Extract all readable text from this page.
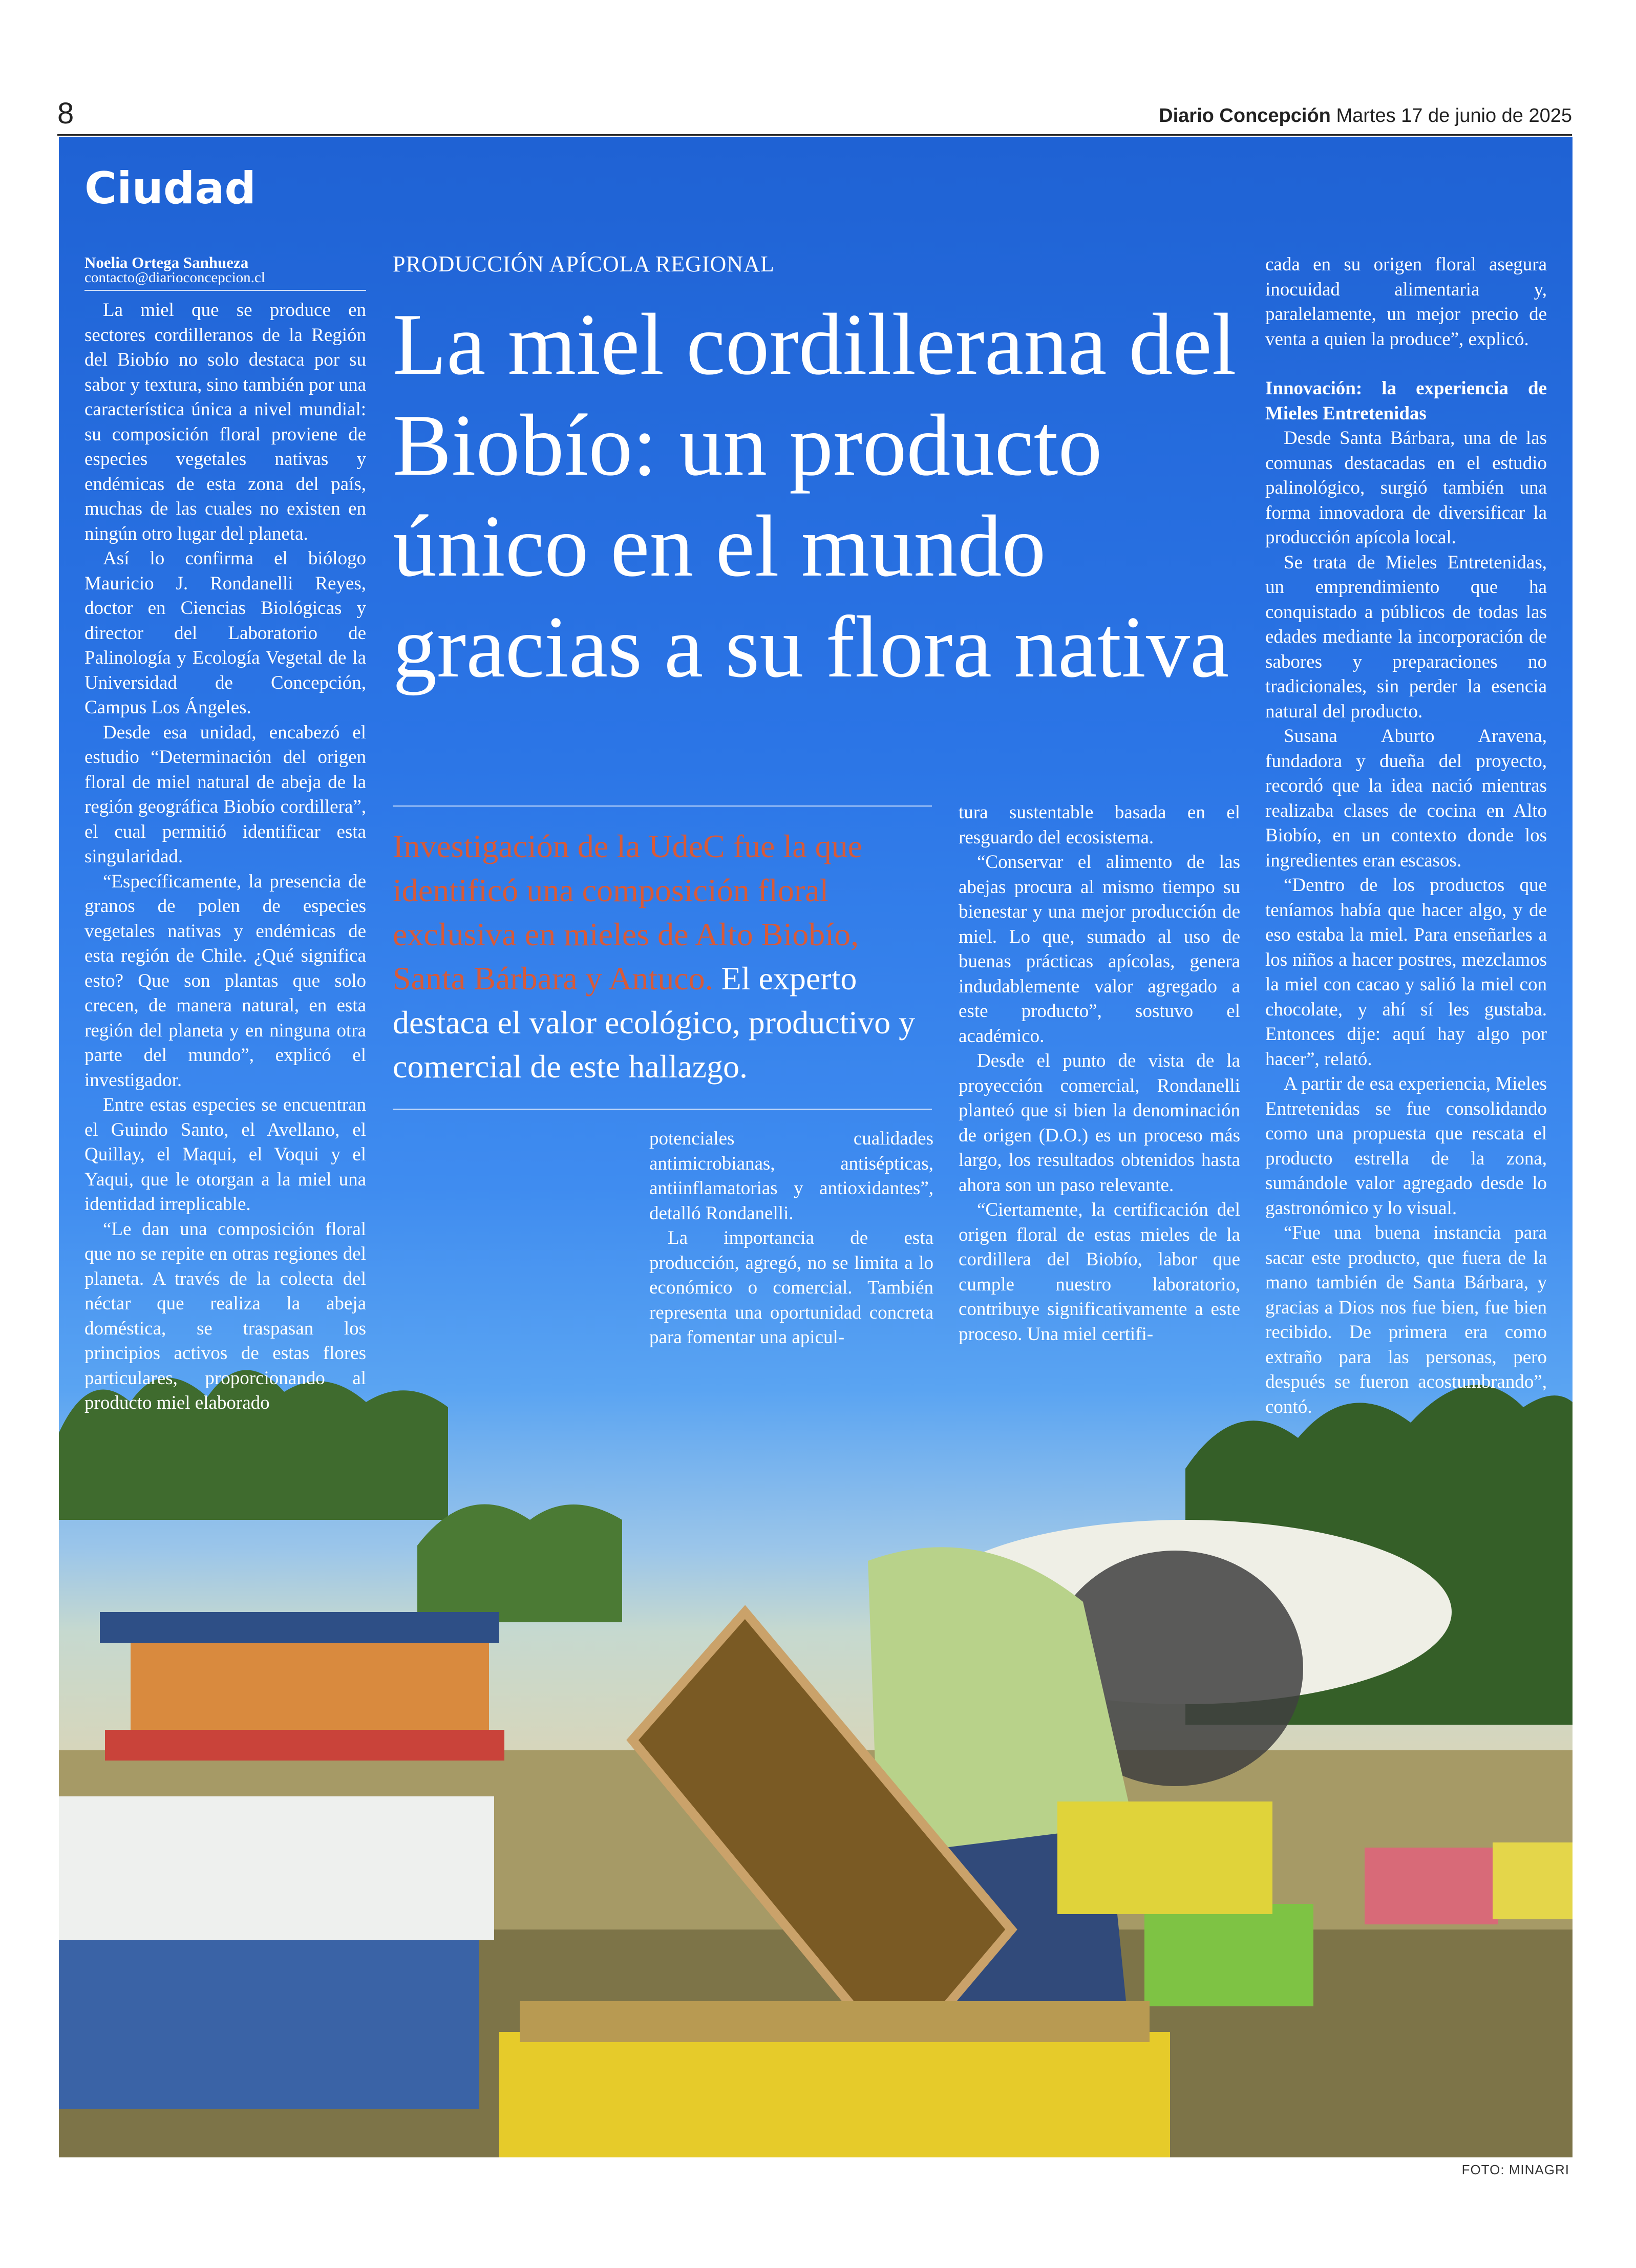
8	Diario Concepción Martes 17 de junio de 2025
Ciudad
Noelia Ortega Sanhueza
contacto@diarioconcepcion.cl

La miel que se produce en sectores cordilleranos de la Región del Biobío no solo destaca por su sabor y textura, sino también por una característica única a nivel mundial: su composición floral proviene de especies vegetales nativas y endémicas de esta zona del país, muchas de las cuales no existen en ningún otro lugar del planeta.

Así lo confirma el biólogo Mauricio J. Rondanelli Reyes, doctor en Ciencias Biológicas y director del Laboratorio de Palinología y Ecología Vegetal de la Universidad de Concepción, Campus Los Ángeles.

Desde esa unidad, encabezó el estudio “Determinación del origen floral de miel natural de abeja de la región geográfica Biobío cordillera”, el cual permitió identificar esta singularidad.

“Específicamente, la presencia de granos de polen de especies vegetales nativas y endémicas de esta región de Chile. ¿Qué significa esto? Que son plantas que solo crecen, de manera natural, en esta región del planeta y en ninguna otra parte del mundo”, explicó el investigador.

Entre estas especies se encuentran el Guindo Santo, el Avellano, el Quillay, el Maqui, el Voqui y el Yaqui, que le otorgan a la miel una identidad irreplicable.

“Le dan una composición floral que no se repite en otras regiones del planeta. A través de la colecta del néctar que realiza la abeja doméstica, se traspasan los principios activos de estas flores particulares, proporcionando al producto miel elaborado

PRODUCCIÓN APÍCOLA REGIONAL
La miel cordillerana del Biobío: un producto único en el mundo gracias a su flora nativa
Investigación de la UdeC fue la que identificó una composición floral exclusiva en mieles de Alto Biobío, Santa Bárbara y Antuco. El experto destaca el valor ecológico, productivo y comercial de este hallazgo.

potenciales cualidades antimicrobianas, antisépticas, antiinflamatorias y antioxidantes”, detalló Rondanelli.

La importancia de esta producción, agregó, no se limita a lo económico o comercial. También representa una oportunidad concreta para fomentar una apicul-

tura sustentable basada en el resguardo del ecosistema.

“Conservar el alimento de las abejas procura al mismo tiempo su bienestar y una mejor producción de miel. Lo que, sumado al uso de buenas prácticas apícolas, genera indudablemente valor agregado a este producto”, sostuvo el académico.

Desde el punto de vista de la proyección comercial, Rondanelli planteó que si bien la denominación de origen (D.O.) es un proceso más largo, los resultados obtenidos hasta ahora son un paso relevante.

“Ciertamente, la certificación del origen floral de estas mieles de la cordillera del Biobío, labor que cumple nuestro laboratorio, contribuye significativamente a este proceso. Una miel certifi-

cada en su origen floral asegura inocuidad alimentaria y, paralelamente, un mejor precio de venta a quien la produce”, explicó.

Innovación: la experiencia de Mieles Entretenidas

Desde Santa Bárbara, una de las comunas destacadas en el estudio palinológico, surgió también una forma innovadora de diversificar la producción apícola local.

Se trata de Mieles Entretenidas, un emprendimiento que ha conquistado a públicos de todas las edades mediante la incorporación de sabores y preparaciones no tradicionales, sin perder la esencia natural del producto.

Susana Aburto Aravena, fundadora y dueña del proyecto, recordó que la idea nació mientras realizaba clases de cocina en Alto Biobío, en un contexto donde los ingredientes eran escasos.

“Dentro de los productos que teníamos había que hacer algo, y de eso estaba la miel. Para enseñarles a los niños a hacer postres, mezclamos la miel con cacao y salió la miel con chocolate, y ahí sí les gustaba. Entonces dije: aquí hay algo por hacer”, relató.

A partir de esa experiencia, Mieles Entretenidas se fue consolidando como una propuesta que rescata el producto estrella de la zona, sumándole valor agregado desde lo gastronómico y lo visual.

“Fue una buena instancia para sacar este producto, que fuera de la mano también de Santa Bárbara, y gracias a Dios nos fue bien, fue bien recibido. De primera era como extraño para las personas, pero después se fueron acostumbrando”, contó.

FOTO: MINAGRI
